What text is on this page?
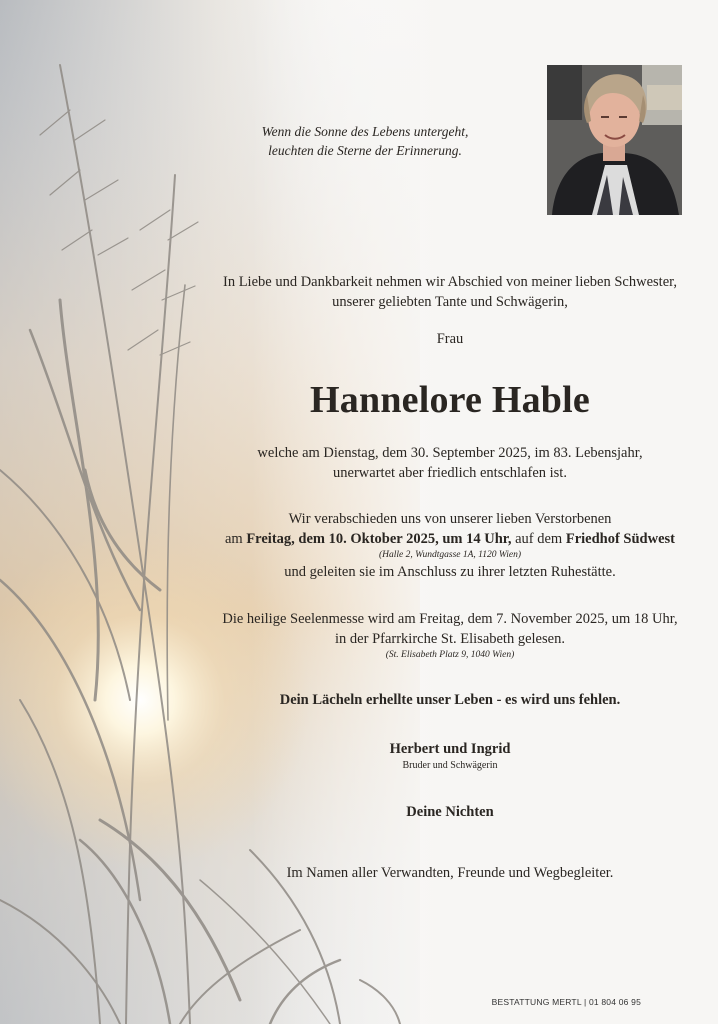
Wenn die Sonne des Lebens untergeht,
leuchten die Sterne der Erinnerung.

In Liebe und Dankbarkeit nehmen wir Abschied von meiner lieben Schwester,

unserer geliebten Tante und Schwägerin,

Frau
Hannelore Hable

welche am Dienstag, dem 30. September 2025, im 83. Lebensjahr,

unerwartet aber friedlich entschlafen ist.

Wir verabschieden uns von unserer lieben Verstorbenen

am Freitag, dem 10. Oktober 2025, um 14 Uhr, auf dem Friedhof Südwest

(Halle 2, Wundtgasse 1A, 1120 Wien)

und geleiten sie im Anschluss zu ihrer letzten Ruhestätte.

Die heilige Seelenmesse wird am Freitag, dem 7. November 2025, um 18 Uhr,

in der Pfarrkirche St. Elisabeth gelesen.

(St. Elisabeth Platz 9, 1040 Wien)
Dein Lächeln erhellte unser Leben - es wird uns fehlen.
Herbert und Ingrid
Bruder und Schwägerin
Deine Nichten
Im Namen aller Verwandten, Freunde und Wegbegleiter.
BESTATTUNG MERTL | 01 804 06 95
